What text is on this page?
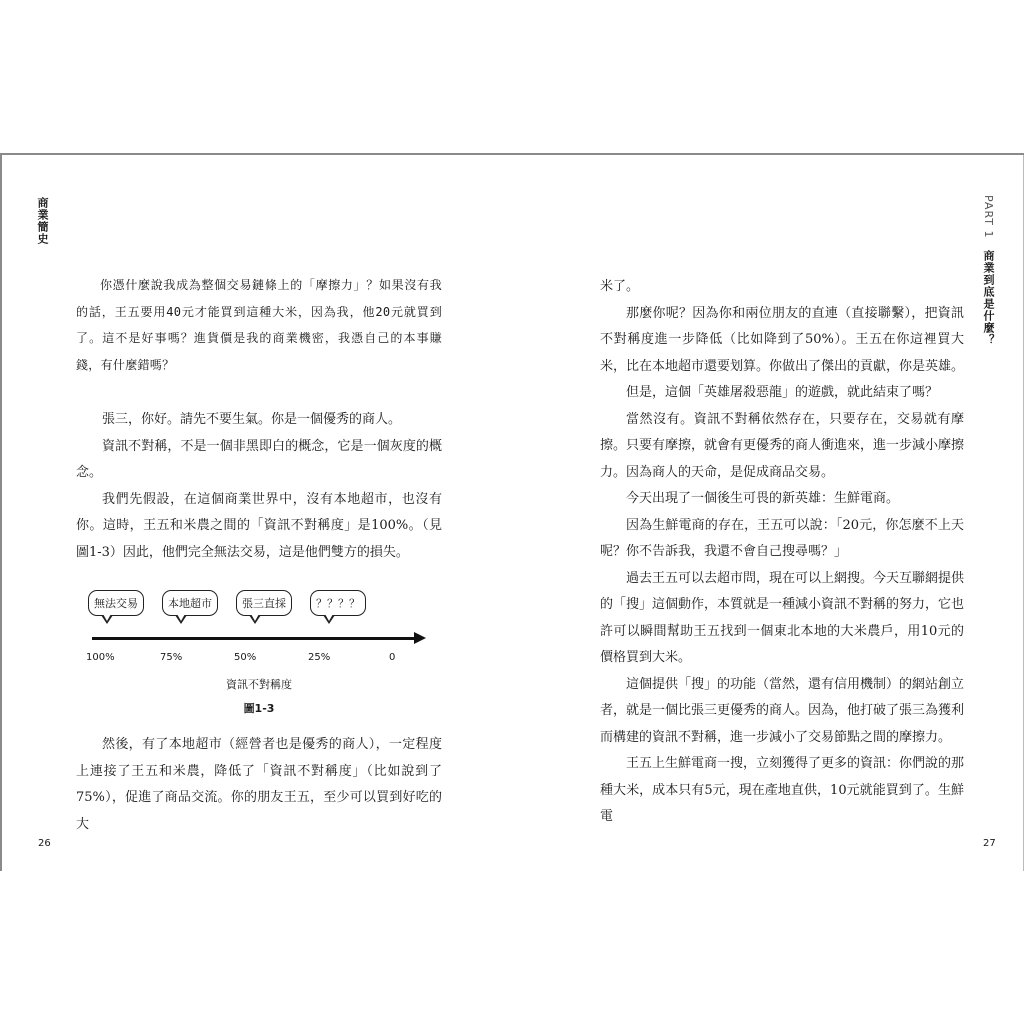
商業簡史

你憑什麼說我成為整個交易鏈條上的「摩擦力」？如果沒有我的話，王五要用40元才能買到這種大米，因為我，他20元就買到了。這不是好事嗎？進貨價是我的商業機密，我憑自己的本事賺錢，有什麼錯嗎？

張三，你好。請先不要生氣。你是一個優秀的商人。

資訊不對稱，不是一個非黑即白的概念，它是一個灰度的概念。

我們先假設，在這個商業世界中，沒有本地超市，也沒有你。這時，王五和米農之間的「資訊不對稱度」是100%。（見圖1-3）因此，他們完全無法交易，這是他們雙方的損失。

無法交易	本地超市	張三直採	？？？？
100%	75%	50%	25%	0
資訊不對稱度
圖1-3

然後，有了本地超市（經營者也是優秀的商人），一定程度上連接了王五和米農，降低了「資訊不對稱度」（比如說到了75%），促進了商品交流。你的朋友王五，至少可以買到好吃的大

26
PART 1 商業到底是什麼？

米了。

那麼你呢？因為你和兩位朋友的直連（直接聯繫），把資訊不對稱度進一步降低（比如降到了50%）。王五在你這裡買大米，比在本地超市還要划算。你做出了傑出的貢獻，你是英雄。

但是，這個「英雄屠殺惡龍」的遊戲，就此結束了嗎？

當然沒有。資訊不對稱依然存在，只要存在，交易就有摩擦。只要有摩擦，就會有更優秀的商人衝進來，進一步減小摩擦力。因為商人的天命，是促成商品交易。

今天出現了一個後生可畏的新英雄：生鮮電商。

因為生鮮電商的存在，王五可以說：「20元，你怎麼不上天呢？你不告訴我，我還不會自己搜尋嗎？」

過去王五可以去超市問，現在可以上網搜。今天互聯網提供的「搜」這個動作，本質就是一種減小資訊不對稱的努力，它也許可以瞬間幫助王五找到一個東北本地的大米農戶，用10元的價格買到大米。

這個提供「搜」的功能（當然，還有信用機制）的網站創立者，就是一個比張三更優秀的商人。因為，他打破了張三為獲利而構建的資訊不對稱，進一步減小了交易節點之間的摩擦力。

王五上生鮮電商一搜，立刻獲得了更多的資訊：你們說的那種大米，成本只有5元，現在產地直供，10元就能買到了。生鮮電

27
